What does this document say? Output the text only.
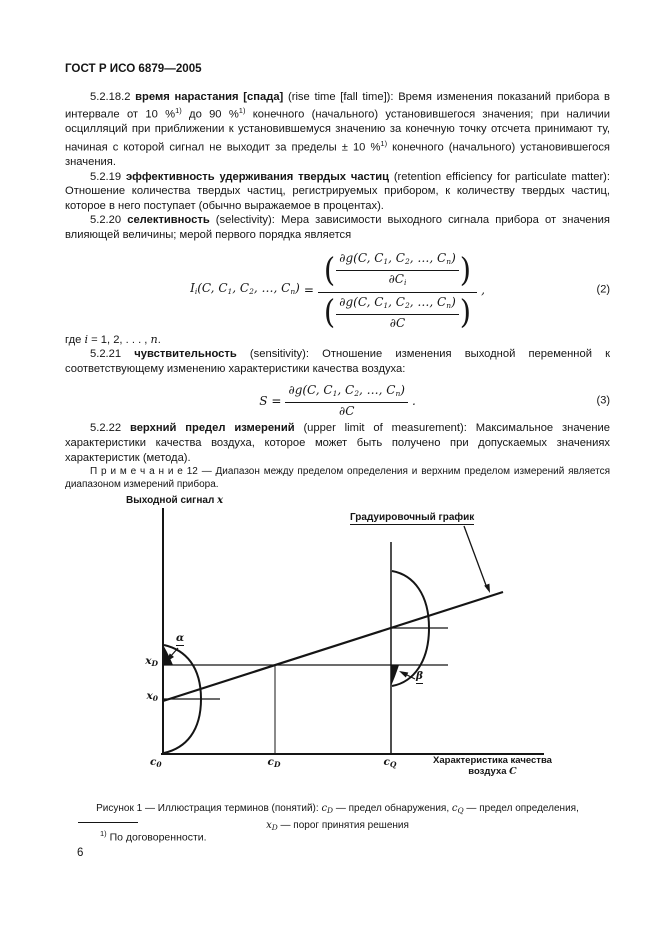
ГОСТ Р ИСО 6879—2005

5.2.18.2 время нарастания [спада] (rise time [fall time]): Время изменения показаний прибора в интервале от 10 %$^{1)}$ до 90 %$^{1)}$ конечного (начального) установившегося значения; при наличии осцилляций при приближении к установившемуся значению за конечную точку отсчета принимают ту, начиная с которой сигнал не выходит за пределы ± 10 %$^{1)}$ конечного (начального) установившегося значения.

5.2.19 эффективность удерживания твердых частиц (retention efficiency for particulate matter): Отношение количества твердых частиц, регистрируемых прибором, к количеству твердых частиц, которое в него поступает (обычно выражаемое в процентах).

5.2.20 селективность (selectivity): Мера зависимости выходного сигнала прибора от значения влияющей величины; мерой первого порядка является

$I_i(C$, $C_1$, $C_2$, …, $C_n$) =
( ∂g(C, $C_1$, $C_2$, …, $C_n$)
$\partial C_i$ )
( ∂g(C, $C_1$, $C_2$, …, $C_n$)
∂C )
,	(2)

где i = 1, 2, . . . , n.

5.2.21 чувствительность (sensitivity): Отношение изменения выходной переменной к соответствующему изменению характеристики качества воздуха:

$S = \frac{\partial g(C, C_1, C_2, \dots, C_n)}{\partial C}$ .	(3)

5.2.22 верхний предел измерений (upper limit of measurement): Максимальное значение характеристики качества воздуха, которое может быть получено при допускаемых значениях характеристик (метода).

П р и м е ч а н и е 12 — Диапазон между пределом определения и верхним пределом измерений является диапазоном измерений прибора.

Выходной сигнал x
Градуировочный график
α
β
$x_D$
$x_0$
$c_0$	$c_D$	$c_Q$	Характеристика качества
воздуха C
Рисунок 1 — Иллюстрация терминов (понятий): $c_D$ — предел обнаружения, $c_Q$ — предел определения,
$x_D$ — порог принятия решения
$^{1)}$ По договоренности.
6
